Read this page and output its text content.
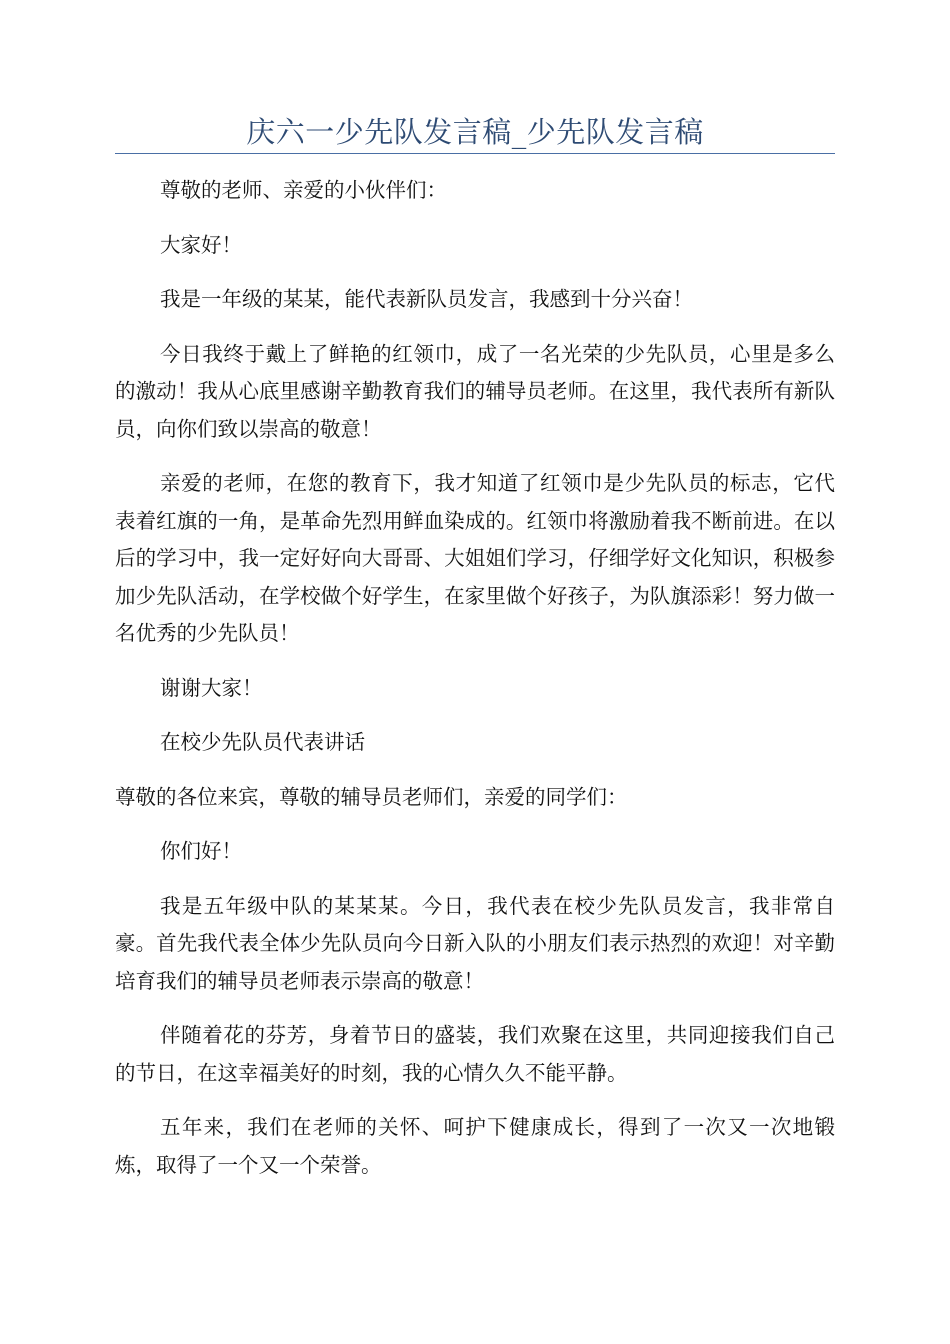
庆六一少先队发言稿_少先队发言稿

尊敬的老师、亲爱的小伙伴们：

大家好！

我是一年级的某某，能代表新队员发言，我感到十分兴奋！

今日我终于戴上了鲜艳的红领巾，成了一名光荣的少先队员，心里是多么的激动！我从心底里感谢辛勤教育我们的辅导员老师。在这里，我代表所有新队员，向你们致以崇高的敬意！

亲爱的老师，在您的教育下，我才知道了红领巾是少先队员的标志，它代表着红旗的一角，是革命先烈用鲜血染成的。红领巾将激励着我不断前进。在以后的学习中，我一定好好向大哥哥、大姐姐们学习，仔细学好文化知识，积极参加少先队活动，在学校做个好学生，在家里做个好孩子，为队旗添彩！努力做一名优秀的少先队员！

谢谢大家！

在校少先队员代表讲话

尊敬的各位来宾，尊敬的辅导员老师们，亲爱的同学们：

你们好！

我是五年级中队的某某某。今日，我代表在校少先队员发言，我非常自豪。首先我代表全体少先队员向今日新入队的小朋友们表示热烈的欢迎！对辛勤培育我们的辅导员老师表示崇高的敬意！

伴随着花的芬芳，身着节日的盛装，我们欢聚在这里，共同迎接我们自己的节日，在这幸福美好的时刻，我的心情久久不能平静。

五年来，我们在老师的关怀、呵护下健康成长，得到了一次又一次地锻炼，取得了一个又一个荣誉。
